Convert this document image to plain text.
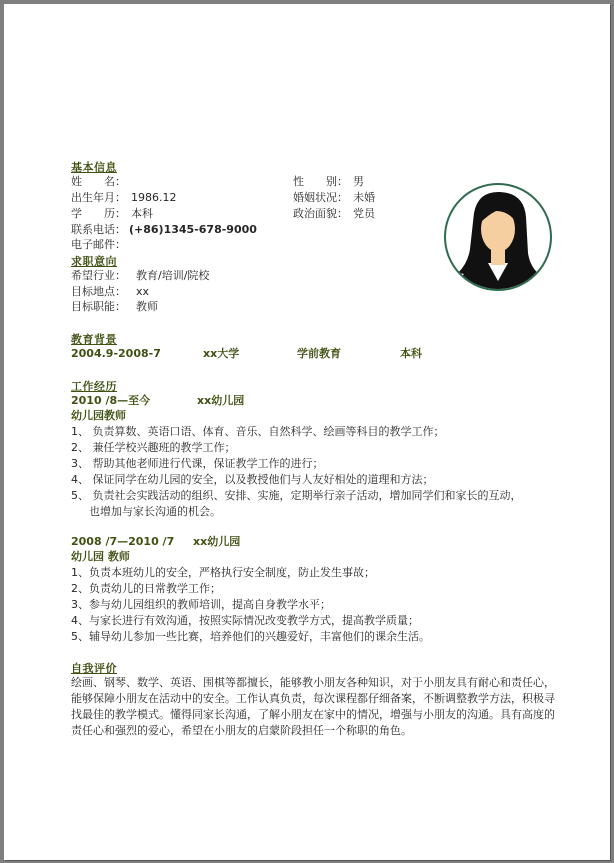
基本信息
姓　　名：	性　　别： 男
出生年月： 1986.12	婚姻状况： 未婚
学　　历： 本科	政治面貌： 党员
联系电话： (+86)1345-678-9000
电子邮件：
求职意向
希望行业： 教育/培训/院校
目标地点： xx
目标职能： 教师
教育背景
2004.9-2008-7	xx大学	学前教育	本科
工作经历
2010 /8—至今	xx幼儿园
幼儿园教师
1、 负责算数、英语口语、体育、音乐、自然科学、绘画等科目的教学工作；
2、 兼任学校兴趣班的教学工作；
3、 帮助其他老师进行代课，保证教学工作的进行；
4、 保证同学在幼儿园的安全，以及教授他们与人友好相处的道理和方法；
5、 负责社会实践活动的组织、安排、实施，定期举行亲子活动，增加同学们和家长的互动，
也增加与家长沟通的机会。
2008 /7—2010 /7 xx幼儿园
幼儿园 教师
1、负责本班幼儿的安全，严格执行安全制度，防止发生事故；
2、负责幼儿的日常教学工作；
3、参与幼儿园组织的教师培训，提高自身教学水平；
4、与家长进行有效沟通，按照实际情况改变教学方式，提高教学质量；
5、辅导幼儿参加一些比赛，培养他们的兴趣爱好，丰富他们的课余生活。
自我评价
绘画、钢琴、数学、英语、围棋等都擅长，能够教小朋友各种知识，对于小朋友具有耐心和责任心，能够保障小朋友在活动中的安全。工作认真负责，每次课程都仔细备案，不断调整教学方法，积极寻找最佳的教学模式。懂得同家长沟通，了解小朋友在家中的情况，增强与小朋友的沟通。具有高度的责任心和强烈的爱心，希望在小朋友的启蒙阶段担任一个称职的角色。
